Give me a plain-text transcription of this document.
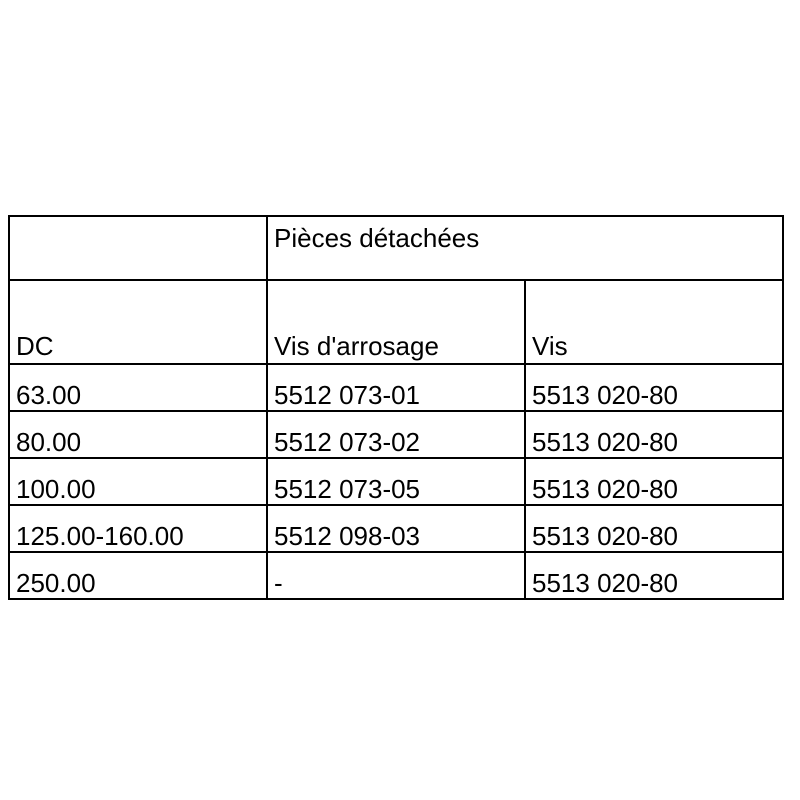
	Pièces détachées	

DC	Vis d'arrosage	Vis

63.00	5512 073-01	5513 020-80

80.00	5512 073-02	5513 020-80

100.00	5512 073-05	5513 020-80

125.00-160.00	5512 098-03	5513 020-80

250.00	-	5513 020-80
